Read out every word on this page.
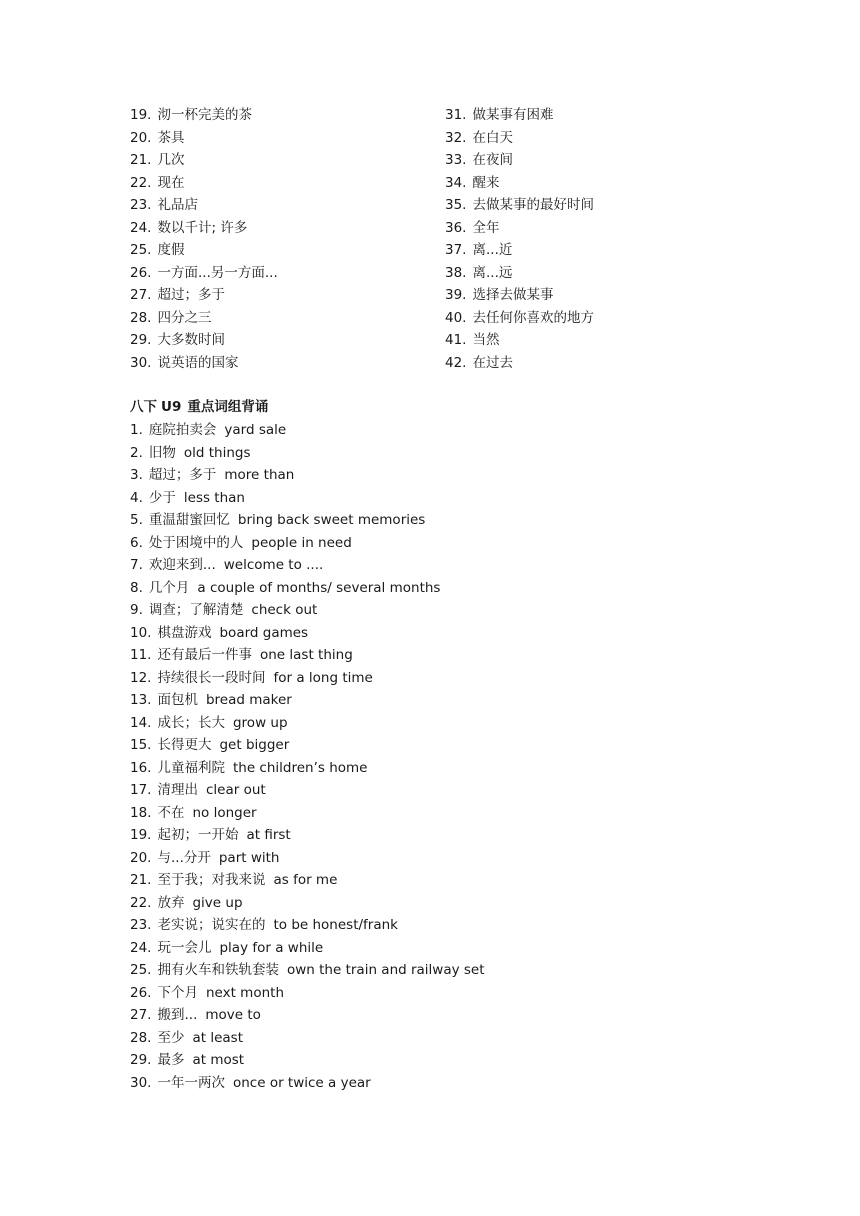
19. 沏一杯完美的茶
20. 茶具
21. 几次
22. 现在
23. 礼品店
24. 数以千计; 许多
25. 度假
26. 一方面...另一方面...
27. 超过；多于
28. 四分之三
29. 大多数时间
30. 说英语的国家
31. 做某事有困难
32. 在白天
33. 在夜间
34. 醒来
35. 去做某事的最好时间
36. 全年
37. 离...近
38. 离...远
39. 选择去做某事
40. 去任何你喜欢的地方
41. 当然
42. 在过去
八下 U9 重点词组背诵
1. 庭院拍卖会 yard sale
2. 旧物 old things
3. 超过；多于 more than
4. 少于 less than
5. 重温甜蜜回忆 bring back sweet memories
6. 处于困境中的人 people in need
7. 欢迎来到... welcome to ....
8. 几个月 a couple of months/ several months
9. 调查；了解清楚 check out
10. 棋盘游戏 board games
11. 还有最后一件事 one last thing
12. 持续很长一段时间 for a long time
13. 面包机 bread maker
14. 成长；长大 grow up
15. 长得更大 get bigger
16. 儿童福利院 the children’s home
17. 清理出 clear out
18. 不在 no longer
19. 起初；一开始 at first
20. 与...分开 part with
21. 至于我；对我来说 as for me
22. 放弃 give up
23. 老实说；说实在的 to be honest/frank
24. 玩一会儿 play for a while
25. 拥有火车和铁轨套装 own the train and railway set
26. 下个月 next month
27. 搬到... move to
28. 至少 at least
29. 最多 at most
30. 一年一两次 once or twice a year
